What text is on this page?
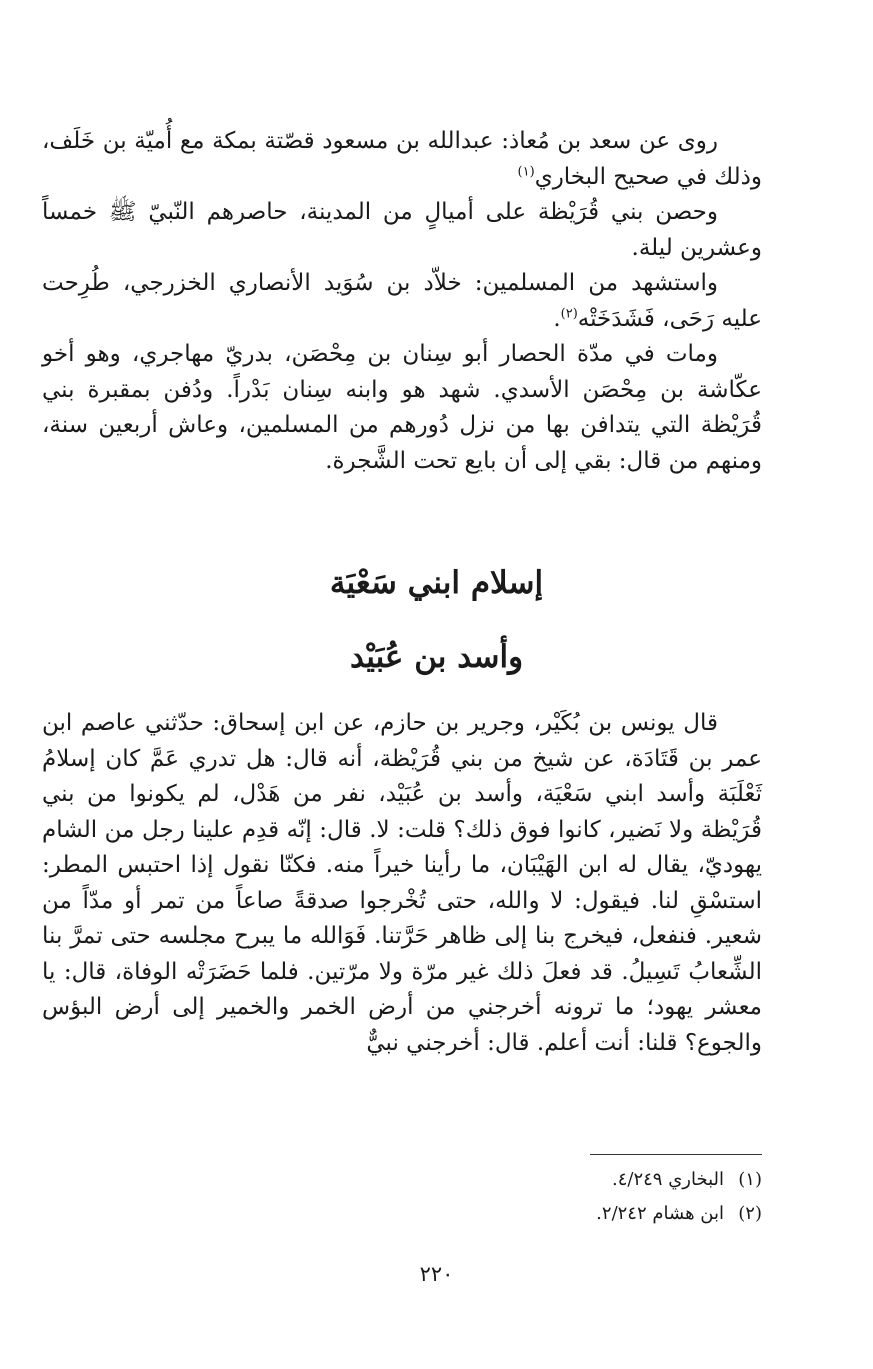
روى عن سعد بن مُعاذ: عبدالله بن مسعود قصّتة بمكة مع أُميّة بن خَلَف، وذلك في صحيح البخاري$^{(١)}$

وحصن بني قُرَيْظة على أميالٍ من المدينة، حاصرهم النّبيّ ﷺ خمساً وعشرين ليلة.

واستشهد من المسلمين: خلاّد بن سُوَيد الأنصاري الخزرجي، طُرِحت عليه رَحَى، فَشَدَخَتْه$^{(٢)}$.

ومات في مدّة الحصار أبو سِنان بن مِحْصَن، بدريّ مهاجري، وهو أخو عكّاشة بن مِحْصَن الأسدي. شهد هو وابنه سِنان بَدْراً. ودُفن بمقبرة بني قُرَيْظة التي يتدافن بها من نزل دُورهم من المسلمين، وعاش أربعين سنة، ومنهم من قال: بقي إلى أن بايع تحت الشَّجرة.

إسلام ابني سَعْيَة
وأسد بن عُبَيْد

قال يونس بن بُكَيْر، وجرير بن حازم، عن ابن إسحاق: حدّثني عاصم ابن عمر بن قَتَادَة، عن شيخ من بني قُرَيْظة، أنه قال: هل تدري عَمَّ كان إسلامُ ثَعْلَبَة وأسد ابني سَعْيَة، وأسد بن عُبَيْد، نفر من هَدْل، لم يكونوا من بني قُرَيْظة ولا نَضير، كانوا فوق ذلك؟ قلت: لا. قال: إنّه قدِم علينا رجل من الشام يهوديّ، يقال له ابن الهَيْبَان، ما رأينا خيراً منه. فكنّا نقول إذا احتبس المطر: استسْقِ لنا. فيقول: لا والله، حتى تُخْرجوا صدقةً صاعاً من تمر أو مدّاً من شعير. فنفعل، فيخرج بنا إلى ظاهر حَرَّتنا. فَوَالله ما يبرح مجلسه حتى تمرَّ بنا الشِّعابُ تَسِيلُ. قد فعلَ ذلك غير مرّة ولا مرّتين. فلما حَضَرَتْه الوفاة، قال: يا معشر يهود؛ ما ترونه أخرجني من أرض الخمر والخمير إلى أرض البؤس والجوع؟ قلنا: أنت أعلم. قال: أخرجني نبيٌّ

(١)البخاري ٤/٢٤٩.
(٢)ابن هشام ٢/٢٤٢.
٢٢٠
